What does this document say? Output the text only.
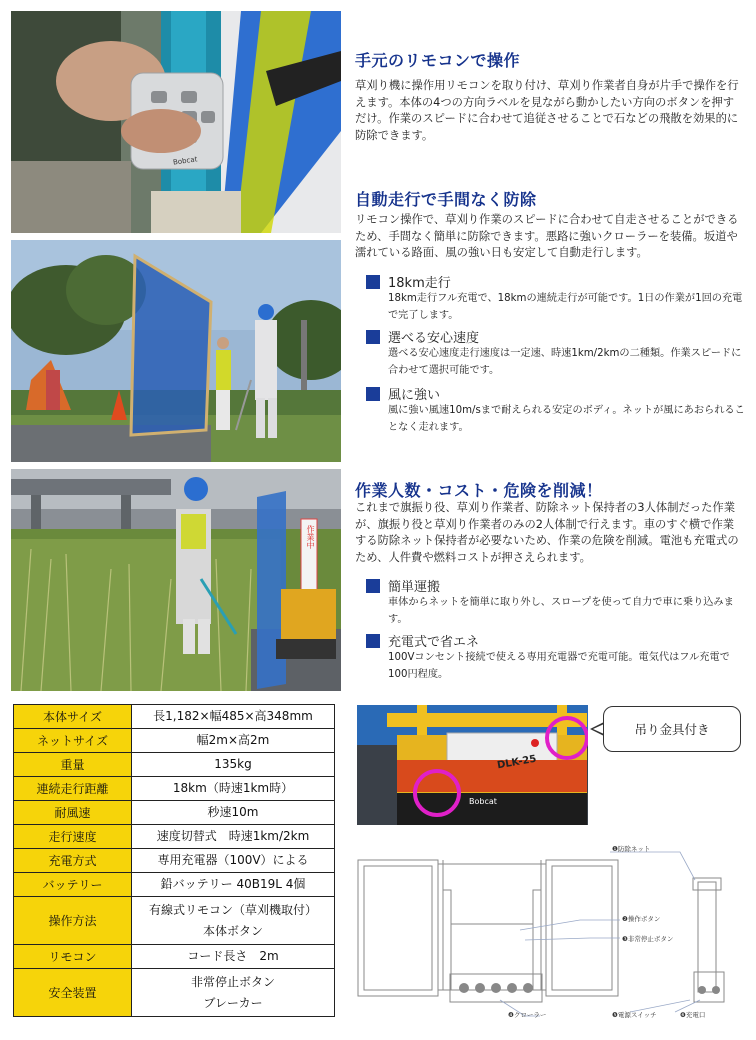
Bobcat
作業中
手元のリモコンで操作
草刈り機に操作用リモコンを取り付け、草刈り作業者自身が片手で操作を行えます。本体の4つの方向ラベルを見ながら動かしたい方向のボタンを押すだけ。作業のスピードに合わせて追従させることで石などの飛散を効果的に防除できます。
自動走行で手間なく防除
リモコン操作で、草刈り作業のスピードに合わせて自走させることができるため、手間なく簡単に防除できます。悪路に強いクローラーを装備。坂道や濡れている路面、風の強い日も安定して自動走行します。
18km走行
18km走行フル充電で、18kmの連続走行が可能です。1日の作業が1回の充電で完了します。
選べる安心速度
選べる安心速度走行速度は一定速、時速1km/2kmの二種類。作業スピードに合わせて選択可能です。
風に強い
風に強い風速10m/sまで耐えられる安定のボディ。ネットが風にあおられることなく走れます。
作業人数・コスト・危険を削減！
これまで旗振り役、草刈り作業者、防除ネット保持者の3人体制だった作業が、旗振り役と草刈り作業者のみの2人体制で行えます。車のすぐ横で作業する防除ネット保持者が必要ないため、作業の危険を削減。電池も充電式のため、人件費や燃料コストが押さえられます。
簡単運搬
車体からネットを簡単に取り外し、スロープを使って自力で車に乗り込みます。
充電式で省エネ
100Vコンセント接続で使える専用充電器で充電可能。電気代はフル充電で100円程度。
本体サイズ	長1,182×幅485×高348mm
ネットサイズ	幅2m×高2m
重量	135kg
連続走行距離	18km（時速1km時）
耐風速	秒速10m
走行速度	速度切替式　時速1km/2km
充電方式	専用充電器（100V）による
バッテリー	鉛バッテリー 40B19L 4個
操作方法	有線式リモコン（草刈機取付）
本体ボタン

リモコン	コード長さ　2m
安全装置	非常停止ボタン
ブレーカー
DLK-25
Bobcat
吊り金具付き
❶防除ネット
❷操作ボタン
❸非常停止ボタン
❹クローラー	❺電源スイッチ	❻充電口
